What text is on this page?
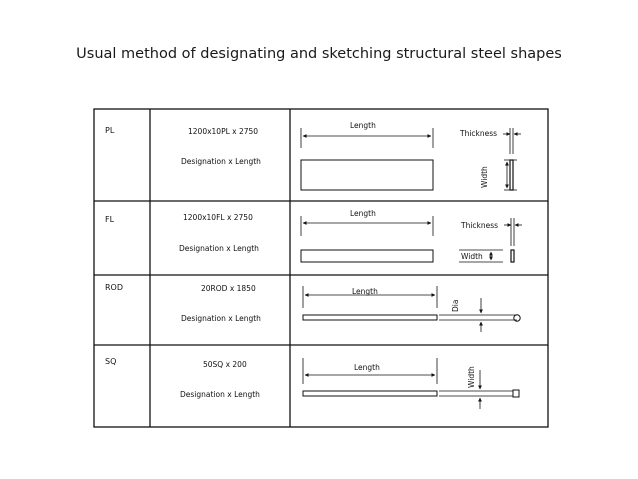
Usual method of designating and sketching structural steel shapes
PL	1200x10PL x 2750
Designation x Length
Length
Thickness
Width
FL	1200x10FL x 2750
Designation x Length
Length
Thickness
Width
ROD	20ROD x 1850
Designation x Length
Length
Dia
SQ	50SQ x 200
Designation x Length
Length	Width
